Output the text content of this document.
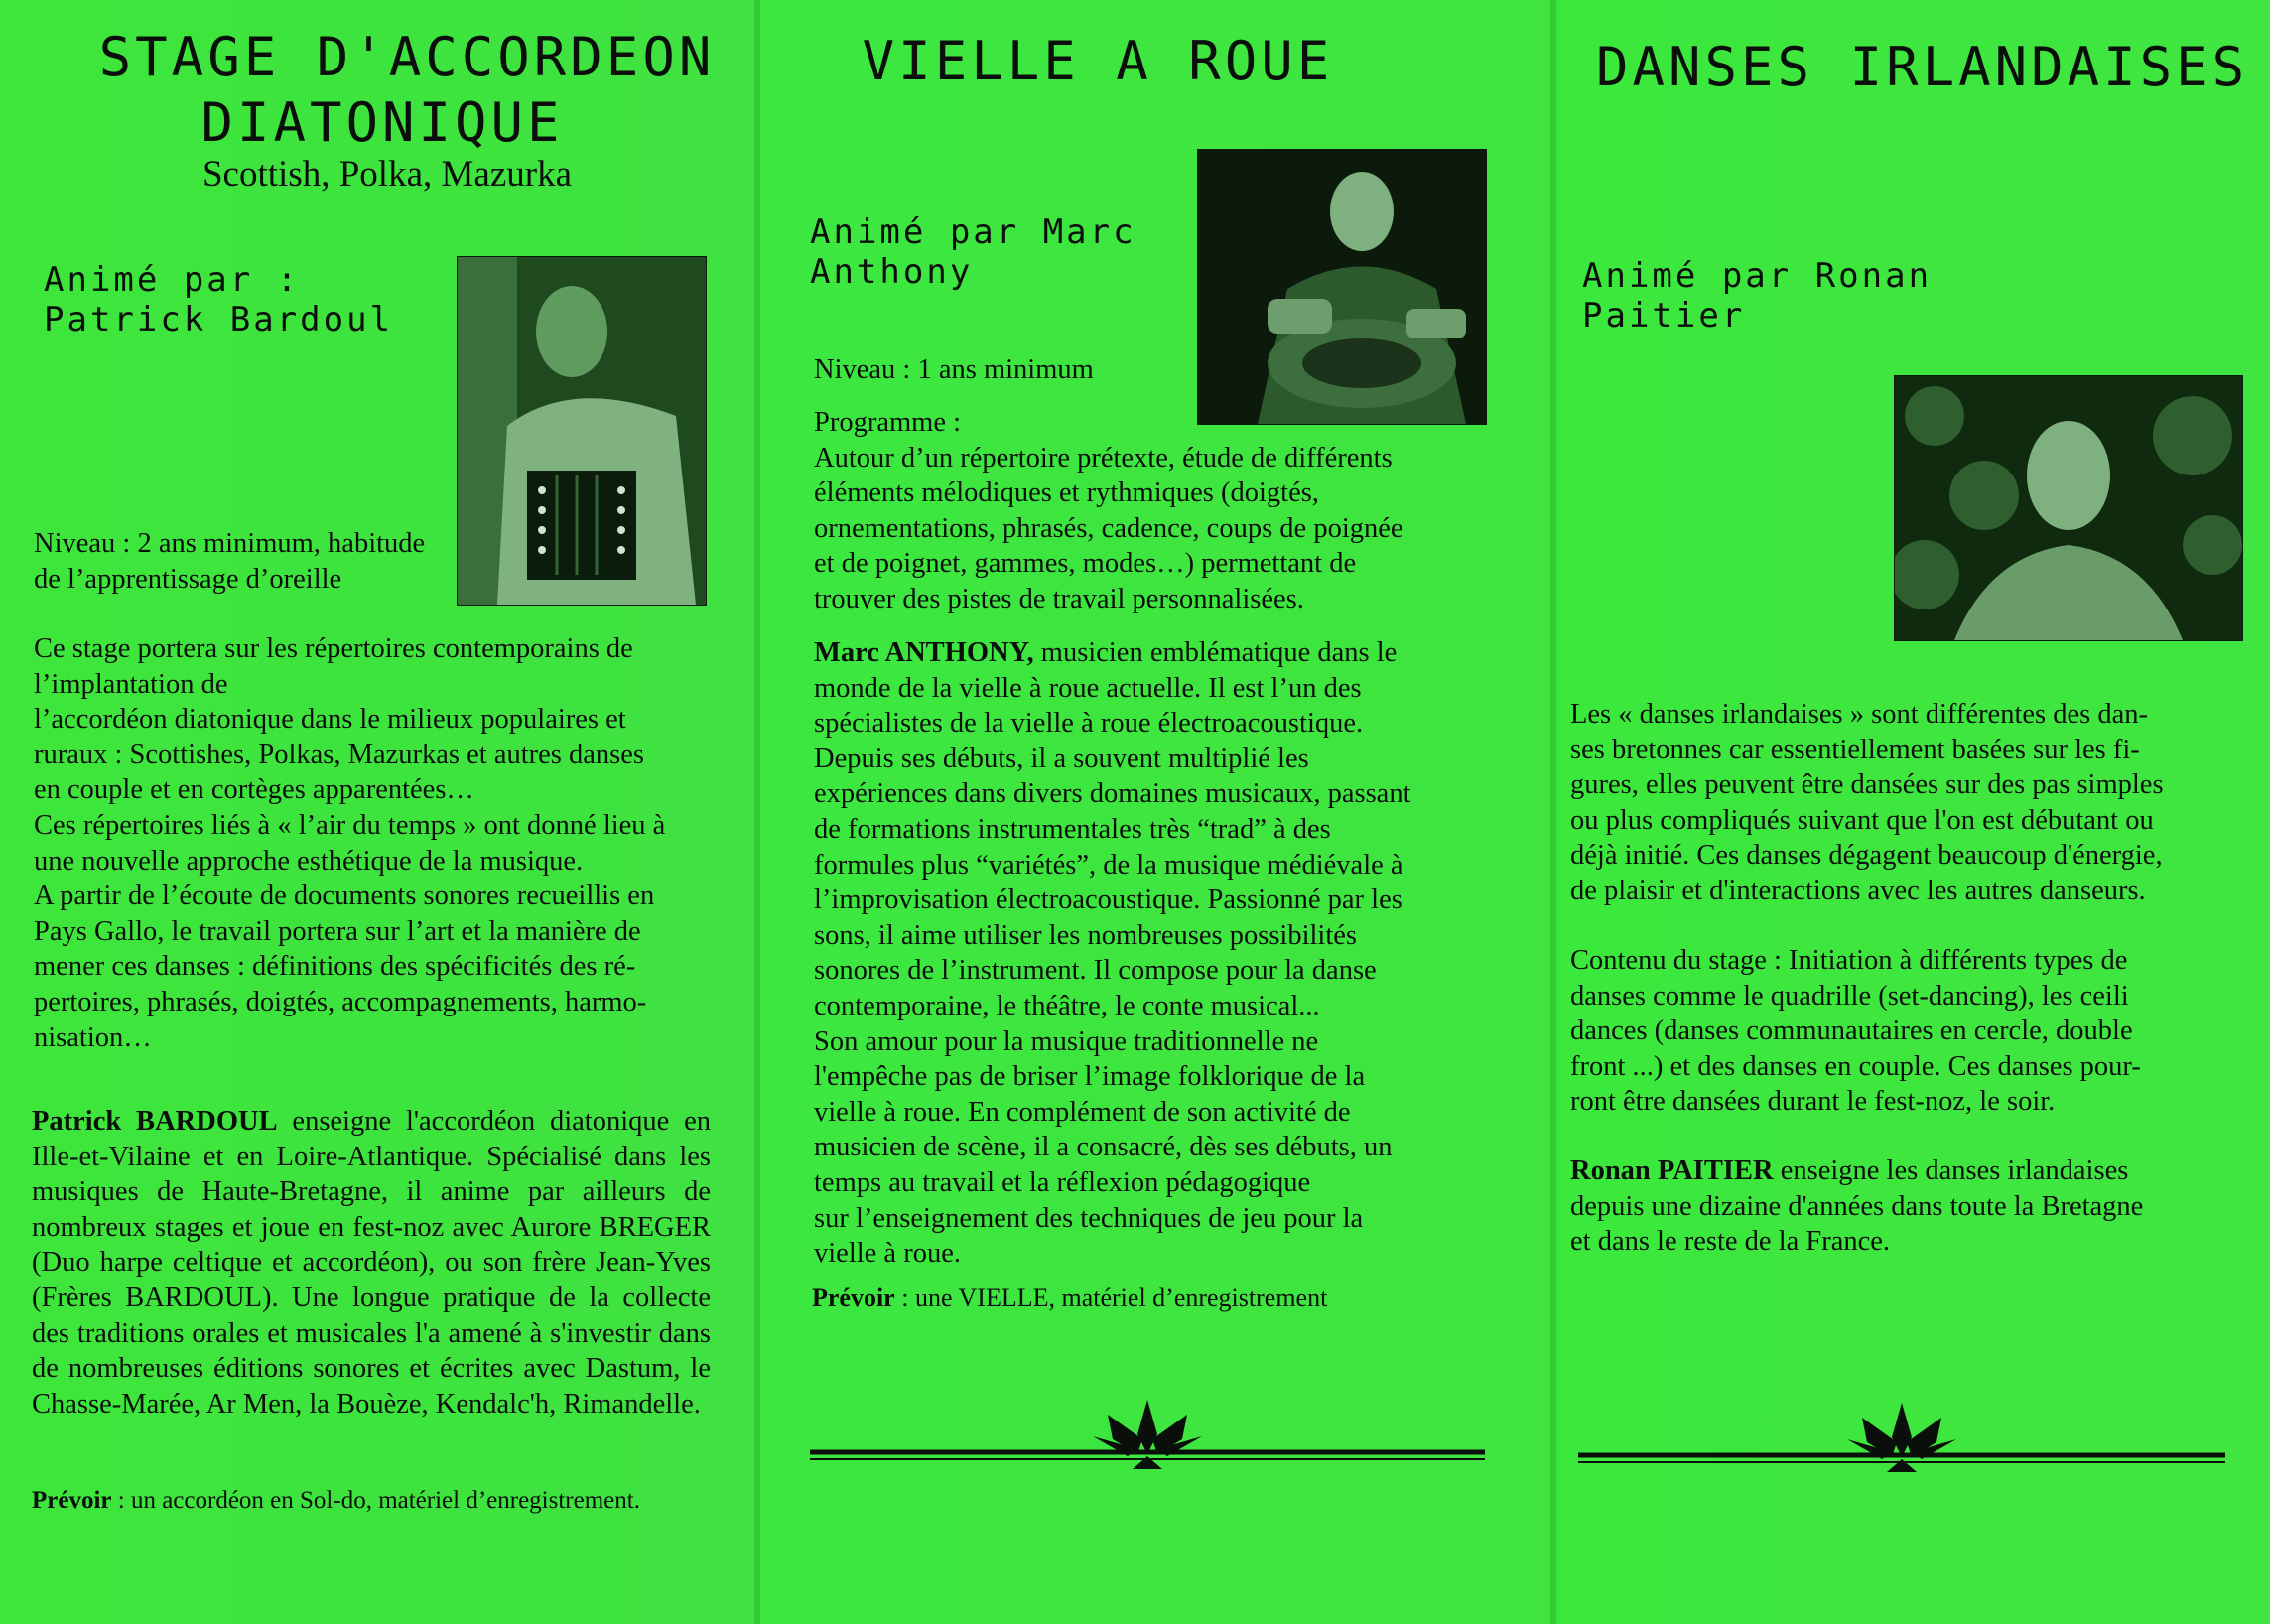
STAGE D'ACCORDEON
DIATONIQUE
Scottish, Polka, Mazurka
Animé par :
Patrick Bardoul

Niveau : 2 ans minimum, habitude

de l’apprentissage d’oreille

Ce stage portera sur les répertoires contemporains de

l’implantation de

l’accordéon diatonique dans le milieux populaires et

ruraux : Scottishes, Polkas, Mazurkas et autres danses

en couple et en cortèges apparentées…

Ces répertoires liés à « l’air du temps » ont donné lieu à

une nouvelle approche esthétique de la musique.

A partir de l’écoute de documents sonores recueillis en

Pays Gallo, le travail portera sur l’art et la manière de

mener ces danses : définitions des spécificités des ré-

pertoires, phrasés, doigtés, accompagnements, harmo-

nisation…

Patrick BARDOUL enseigne l'accordéon diatonique en Ille-et-Vilaine et en Loire-Atlantique. Spécialisé dans les musiques de Haute-Bretagne, il anime par ailleurs de nombreux stages et joue en fest-noz avec Aurore BREGER (Duo harpe celtique et accordéon), ou son frère Jean-Yves (Frères BARDOUL). Une longue pratique de la collecte des traditions orales et musicales l'a amené à s'investir dans de nombreuses éditions sonores et écrites avec Dastum, le Chasse-Marée, Ar Men, la Bouèze, Kendalc'h, Rimandelle.
Prévoir : un accordéon en Sol-do, matériel d’enregistrement.
VIELLE A ROUE
Animé par Marc
Anthony
Niveau : 1 ans minimum

Programme :

Autour d’un répertoire prétexte, étude de différents

éléments mélodiques et rythmiques (doigtés,

ornementations, phrasés, cadence, coups de poignée

et de poignet, gammes, modes…) permettant de

trouver des pistes de travail personnalisées.

Marc ANTHONY, musicien emblématique dans le

monde de la vielle à roue actuelle. Il est l’un des

spécialistes de la vielle à roue électroacoustique.

Depuis ses débuts, il a souvent multiplié les

expériences dans divers domaines musicaux, passant

de formations instrumentales très “trad” à des

formules plus “variétés”, de la musique médiévale à

l’improvisation électroacoustique. Passionné par les

sons, il aime utiliser les nombreuses possibilités

sonores de l’instrument. Il compose pour la danse

contemporaine, le théâtre, le conte musical...

Son amour pour la musique traditionnelle ne

l'empêche pas de briser l’image folklorique de la

vielle à roue. En complément de son activité de

musicien de scène, il a consacré, dès ses débuts, un

temps au travail et la réflexion pédagogique

sur l’enseignement des techniques de jeu pour la

vielle à roue.

Prévoir : une VIELLE, matériel d’enregistrement
DANSES IRLANDAISES
Animé par Ronan
Paitier

Les « danses irlandaises » sont différentes des dan-

ses bretonnes car essentiellement basées sur les fi-

gures, elles peuvent être dansées sur des pas simples

ou plus compliqués suivant que l'on est débutant ou

déjà initié. Ces danses dégagent beaucoup d'énergie,

de plaisir et d'interactions avec les autres danseurs.

Contenu du stage : Initiation à différents types de

danses comme le quadrille (set-dancing), les ceili

dances (danses communautaires en cercle, double

front ...) et des danses en couple. Ces danses pour-

ront être dansées durant le fest-noz, le soir.

Ronan PAITIER enseigne les danses irlandaises

depuis une dizaine d'années dans toute la Bretagne

et dans le reste de la France.
